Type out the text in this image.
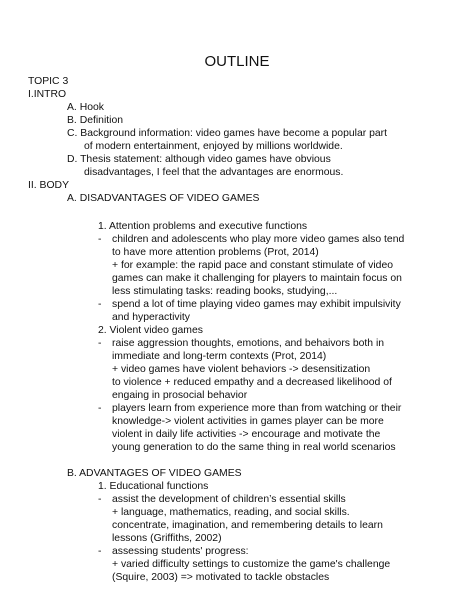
OUTLINE
TOPIC 3
I.INTRO
A. Hook
B. Definition
C. Background information: video games have become a popular part
of modern entertainment, enjoyed by millions worldwide.
D. Thesis statement: although video games have obvious
disadvantages, I feel that the advantages are enormous.
II. BODY
A. DISADVANTAGES OF VIDEO GAMES
1. Attention problems and executive functions
- children and adolescents who play more video games also tend
to have more attention problems (Prot, 2014)
+ for example: the rapid pace and constant stimulate of video
games can make it challenging for players to maintain focus on
less stimulating tasks: reading books, studying,...
- spend a lot of time playing video games may exhibit impulsivity
and hyperactivity
2. Violent video games
- raise aggression thoughts, emotions, and behaivors both in
immediate and long-term contexts (Prot, 2014)
+ video games have violent behaviors -> desensitization
to violence + reduced empathy and a decreased likelihood of
engaing in prosocial behavior
- players learn from experience more than from watching or their
knowledge-> violent activities in games player can be more
violent in daily life activities -> encourage and motivate the
young generation to do the same thing in real world scenarios
B. ADVANTAGES OF VIDEO GAMES
1. Educational functions
- assist the development of children’s essential skills
+ language, mathematics, reading, and social skills.
concentrate, imagination, and remembering details to learn
lessons (Griffiths, 2002)
- assessing students' progress:
+ varied difficulty settings to customize the game's challenge
(Squire, 2003) => motivated to tackle obstacles
